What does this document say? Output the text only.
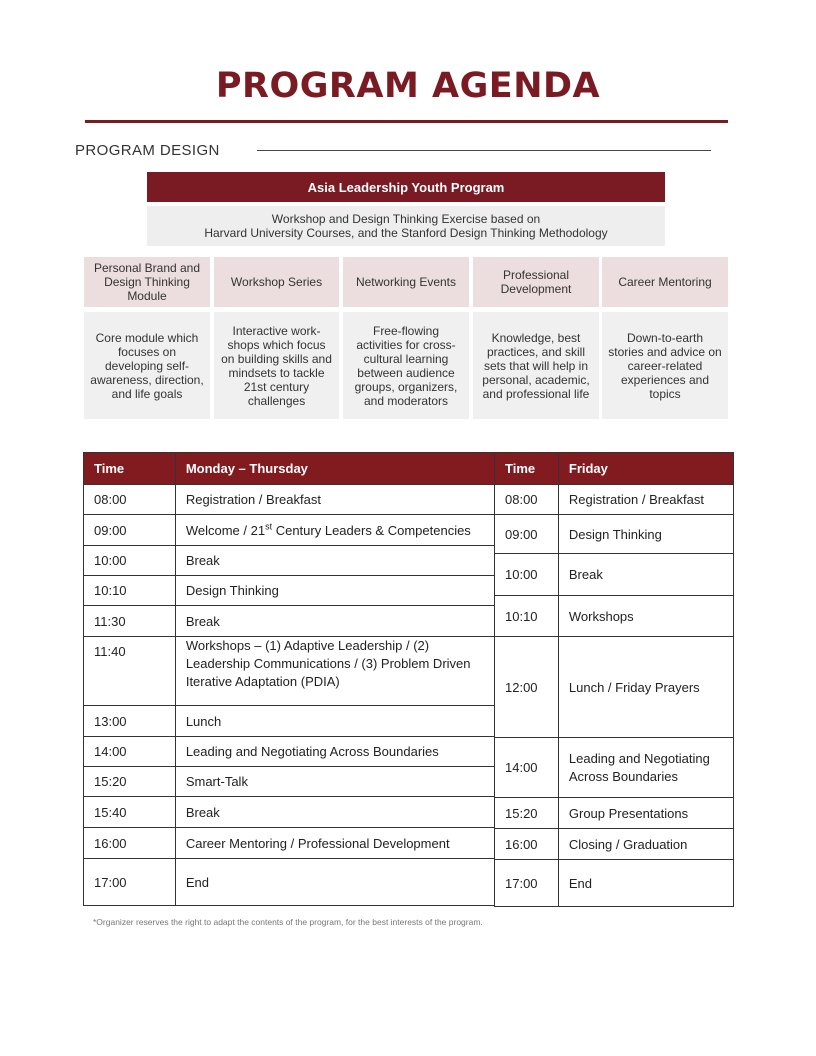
PROGRAM AGENDA
PROGRAM DESIGN
Asia Leadership Youth Program
Workshop and Design Thinking Exercise based on
Harvard University Courses, and the Stanford Design Thinking Methodology
Personal Brand and Design Thinking Module
Workshop Series	Networking Events	Professional Development	Career Mentoring
Core module which focuses on developing self-awareness, direction, and life goals
Interactive work-shops which focus on building skills and mindsets to tackle 21st century challenges
Free-flowing activities for cross-cultural learning between audience groups, organizers, and moderators
Knowledge, best practices, and skill sets that will help in personal, academic, and professional life
Down-to-earth stories and advice on career-related experiences and topics
Time	Monday – Thursday
08:00	Registration / Breakfast
09:00	Welcome / 21st Century Leaders & Competencies
10:00	Break
10:10	Design Thinking
11:30	Break
11:40	Workshops – (1) Adaptive Leadership / (2) Leadership Communications / (3) Problem Driven Iterative Adaptation (PDIA)
13:00	Lunch
14:00	Leading and Negotiating Across Boundaries
15:20	Smart-Talk
15:40	Break
16:00	Career Mentoring / Professional Development
17:00	End
Time	Friday
08:00	Registration / Breakfast
09:00	Design Thinking
10:00	Break
10:10	Workshops
12:00	Lunch / Friday Prayers
14:00	Leading and Negotiating Across Boundaries
15:20	Group Presentations
16:00	Closing / Graduation
17:00	End
*Organizer reserves the right to adapt the contents of the program, for the best interests of the program.
